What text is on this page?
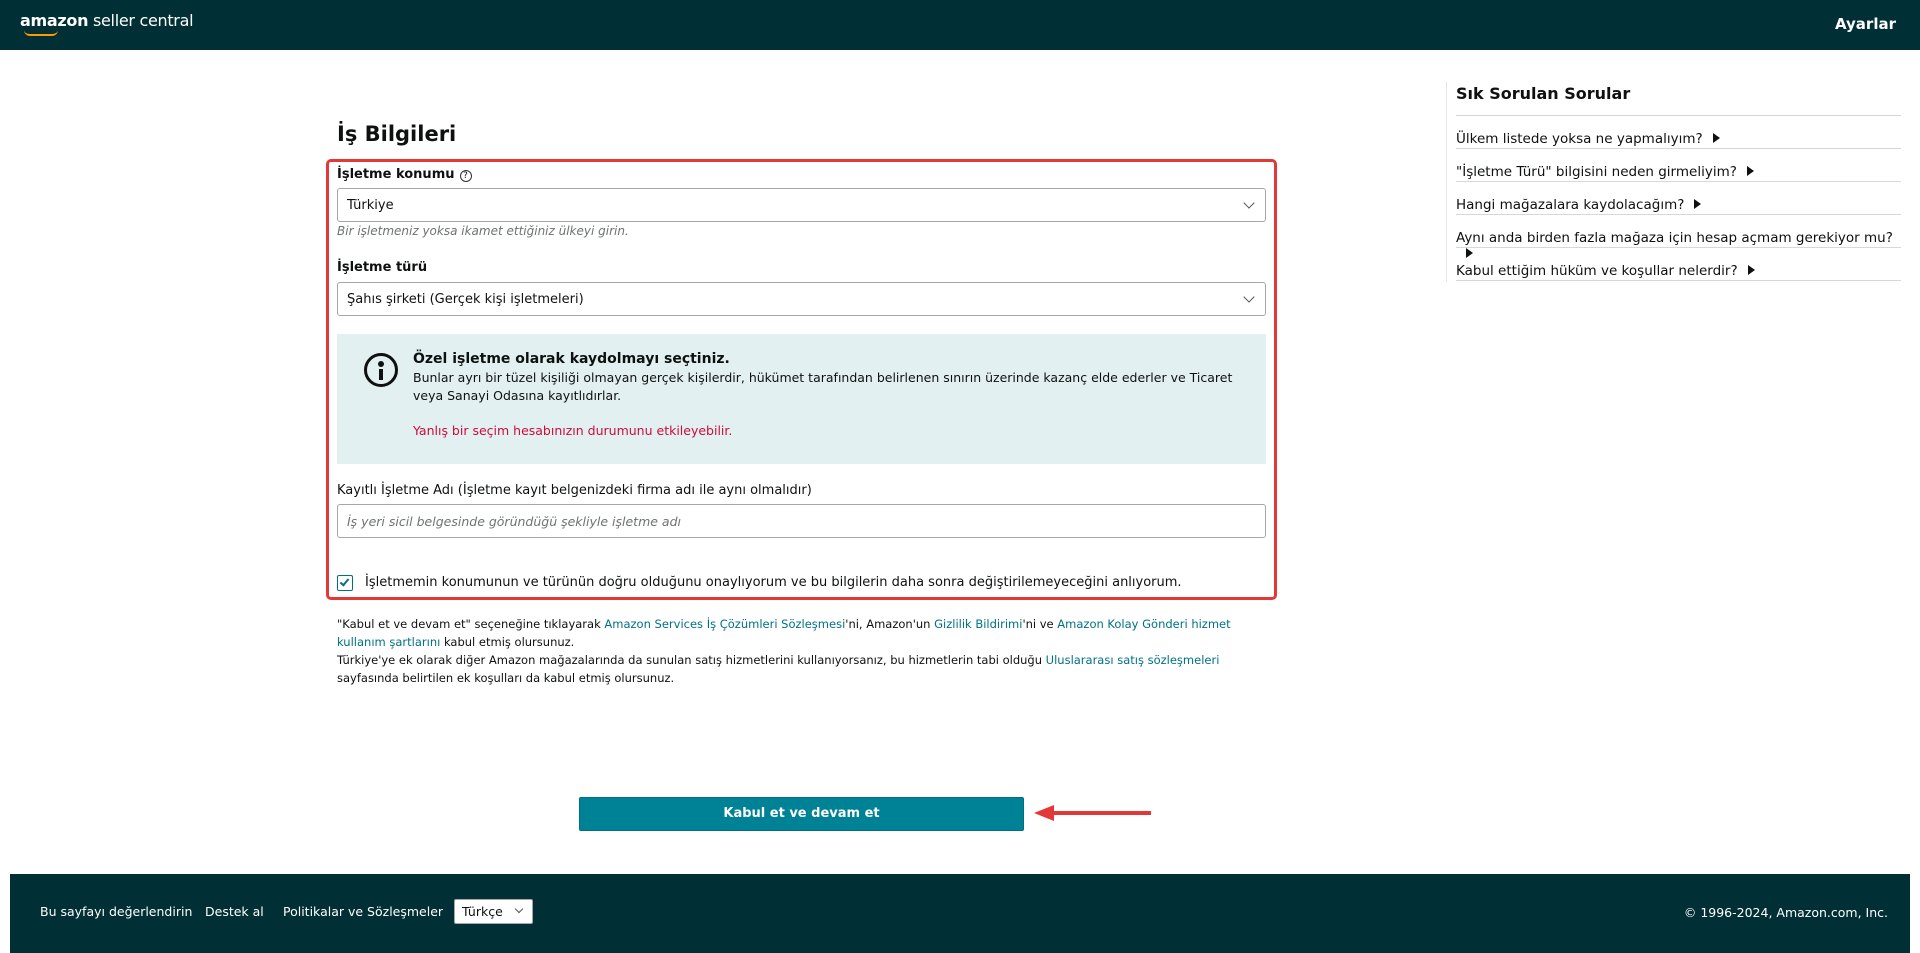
amazon seller central	Ayarlar
İş Bilgileri
İşletme konumu ?
Türkiye
Bir işletmeniz yoksa ikamet ettiğiniz ülkeyi girin.
İşletme türü
Şahıs şirketi (Gerçek kişi işletmeleri)
Özel işletme olarak kaydolmayı seçtiniz.
Bunlar ayrı bir tüzel kişiliği olmayan gerçek kişilerdir, hükümet tarafından belirlenen sınırın üzerinde kazanç elde ederler ve Ticaret veya Sanayi Odasına kayıtlıdırlar.
Yanlış bir seçim hesabınızın durumunu etkileyebilir.
Kayıtlı İşletme Adı (İşletme kayıt belgenizdeki firma adı ile aynı olmalıdır)
İş yeri sicil belgesinde göründüğü şekliyle işletme adı
İşletmemin konumunun ve türünün doğru olduğunu onaylıyorum ve bu bilgilerin daha sonra değiştirilemeyeceğini anlıyorum.
"Kabul et ve devam et" seçeneğine tıklayarak Amazon Services İş Çözümleri Sözleşmesi'ni, Amazon'un Gizlilik Bildirimi'ni ve Amazon Kolay Gönderi hizmet kullanım şartlarını kabul etmiş olursunuz.
Türkiye'ye ek olarak diğer Amazon mağazalarında da sunulan satış hizmetlerini kullanıyorsanız, bu hizmetlerin tabi olduğu Uluslararası satış sözleşmeleri sayfasında belirtilen ek koşulları da kabul etmiş olursunuz.
Kabul et ve devam et
Sık Sorulan Sorular
Ülkem listede yoksa ne yapmalıyım?
"İşletme Türü" bilgisini neden girmeliyim?
Hangi mağazalara kaydolacağım?
Aynı anda birden fazla mağaza için hesap açmam gerekiyor mu?
Kabul ettiğim hüküm ve koşullar nelerdir?
Bu sayfayı değerlendirin Destek al Politikalar ve Sözleşmeler	Türkçe	© 1996-2024, Amazon.com, Inc.
